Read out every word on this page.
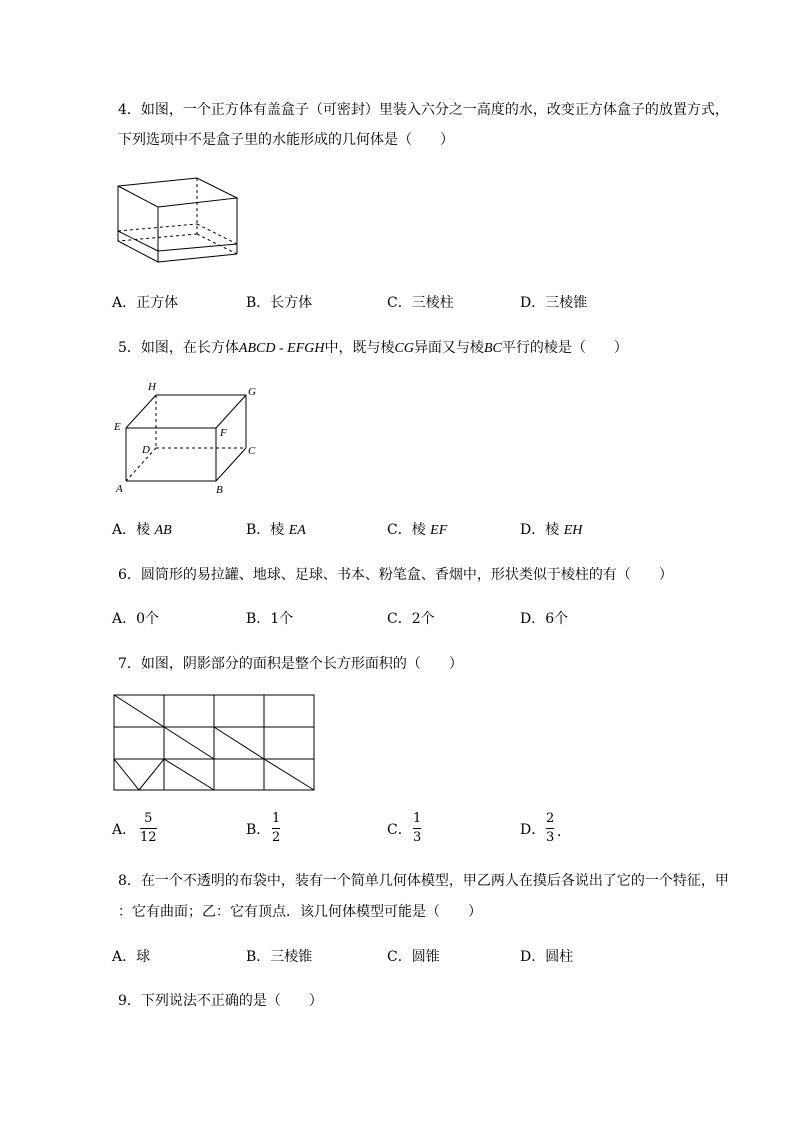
4．如图，一个正方体有盖盒子（可密封）里装入六分之一高度的水，改变正方体盒子的放置方式，
下列选项中不是盒子里的水能形成的几何体是（　　）
A．正方体	B．长方体	C．三棱柱	D．三棱锥
5．如图，在长方体ABCD - EFGH中，既与棱CG异面又与棱BC平行的棱是（　　）
H	G
E	F
D	C
A	B
A．棱 AB	B．棱 EA	C．棱 EF	D．棱 EH
6．圆筒形的易拉罐、地球、足球、书本、粉笔盒、香烟中，形状类似于棱柱的有（　　）
A．0个	B．1个	C．2个	D．6个
7．如图，阴影部分的面积是整个长方形面积的（　　）
A．
5
12	B．
1
2	C．
1
3	D．
2
3 ．
8．在一个不透明的布袋中，装有一个简单几何体模型，甲乙两人在摸后各说出了它的一个特征，甲
：它有曲面；乙：它有顶点．该几何体模型可能是（　　）
A．球	B．三棱锥	C．圆锥	D．圆柱
9．下列说法不正确的是（　　）
